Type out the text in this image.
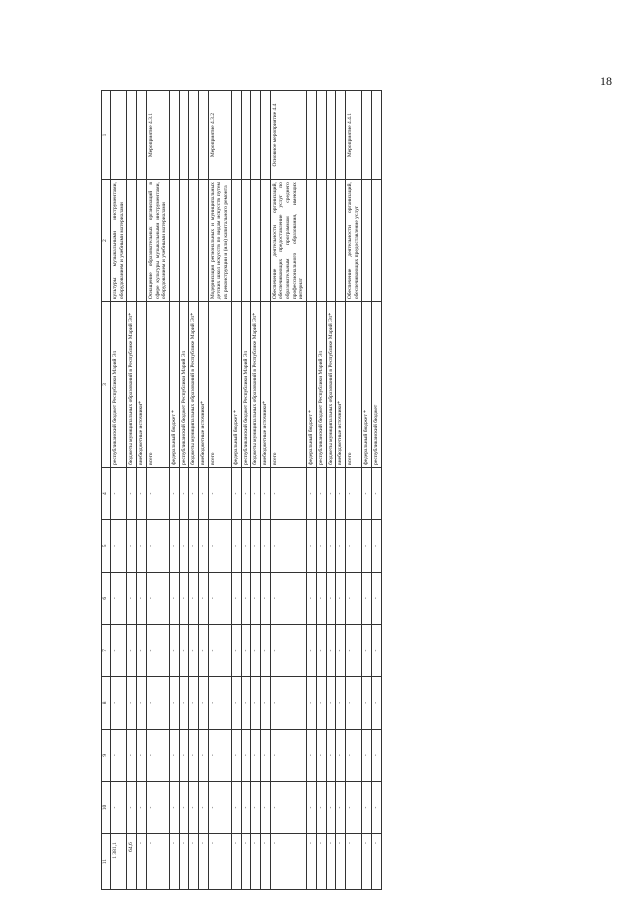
18
11	10	9	8	7	6	5	4	3	2	1
1 381,1	-	-	-	-	-	-	-	республиканский бюджет Республики Марий Эл	культуры музыкальными инструментами, оборудованием и учебными материалами	
64,6	-	-	-	-	-	-	-	бюджеты муниципальных образований в Республике Марий Эл*		
-	-	-	-	-	-	-	-	внебюджетные источники*		
-	-	-	-	-	-	-	-	всего	Оснащение образовательных организаций в сфере культуры музыкальными инструментами, оборудованием и учебными материалами	Мероприятие 4.3.1
-	-	-	-	-	-	-	-	федеральный бюджет *		
-	-	-	-	-	-	-	-	республиканский бюджет Республики Марий Эл		
-	-	-	-	-	-	-	-	бюджеты муниципальных образований в Республике Марий Эл*		
-	-	-	-	-	-	-	-	внебюджетные источники*		
-	-	-	-	-	-	-	-	всего	Модернизация региональных и муниципальных детских школ искусств по видам искусств путем их реконструкции и (или) капитального ремонта	Мероприятие 4.3.2
-	-	-	-	-	-	-	-	федеральный бюджет *		
-	-	-	-	-	-	-	-	республиканский бюджет Республики Марий Эл		
-	-	-	-	-	-	-	-	бюджеты муниципальных образований в Республике Марий Эл*		
-	-	-	-	-	-	-	-	внебюджетные источники*		
-	-	-	-	-	-	-	-	всего	Обеспечение деятельности организаций, обеспечивающих предоставление услуг по образовательным программам среднего профессионального образования, имеющих интернат	Основное мероприятие 4.4
-	-	-	-	-	-	-	-	федеральный бюджет *		
-	-	-	-	-	-	-	-	республиканский бюджет Республики Марий Эл		
-	-	-	-	-	-	-	-	бюджеты муниципальных образований в Республике Марий Эл*		
-	-	-	-	-	-	-	-	внебюджетные источники*		
-	-	-	-	-	-	-	-	всего	Обеспечение деятельности организаций, обеспечивающих предоставление услуг	Мероприятие 4.4.1
-	-	-	-	-	-	-	-	федеральный бюджет *		
-	-	-	-	-	-	-	-	республиканский бюджет		
